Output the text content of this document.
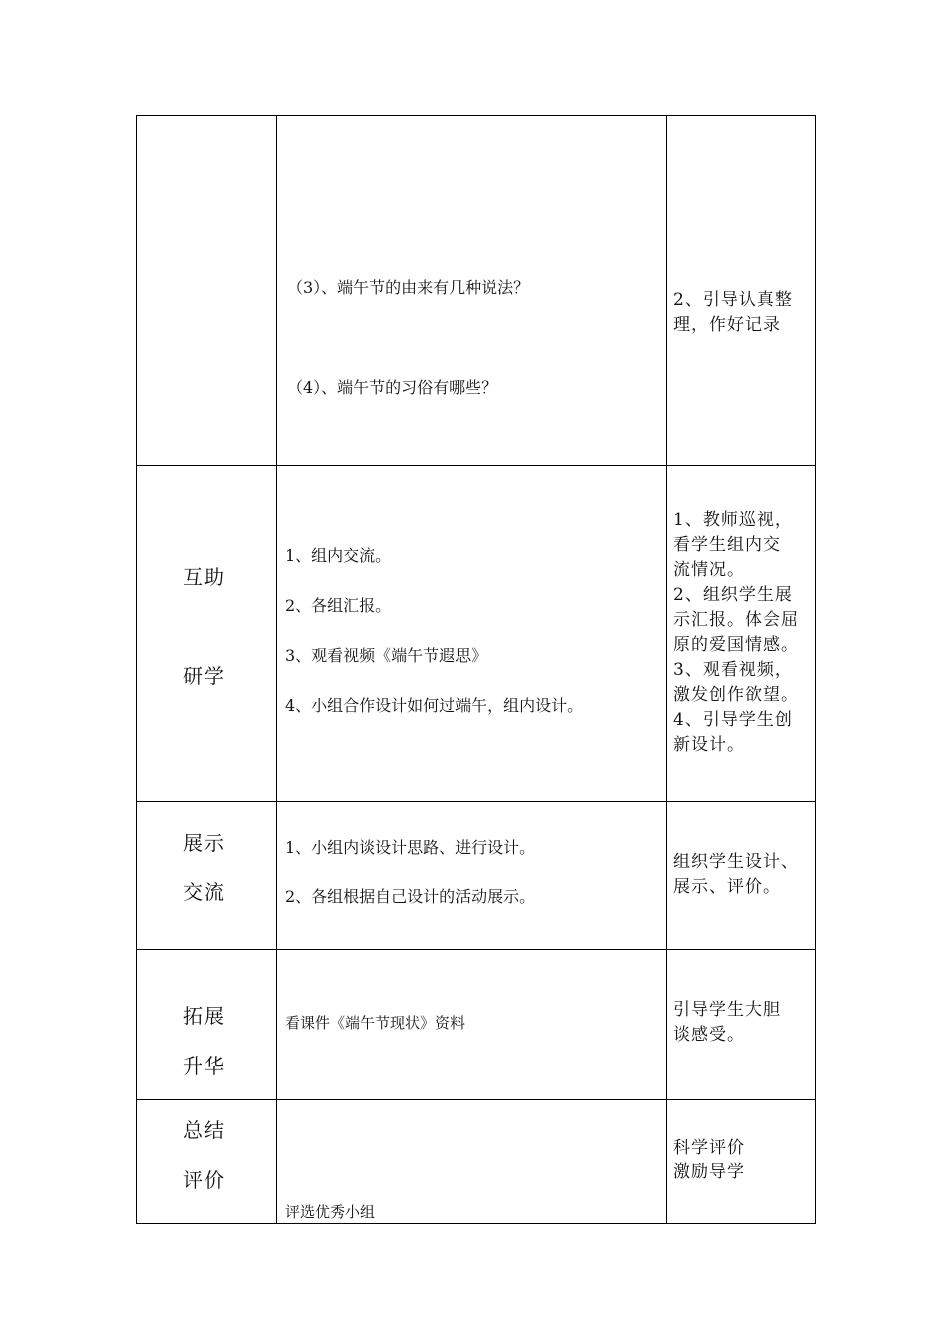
（3）、端午节的由来有几种说法？
（4）、端午节的习俗有哪些？
2、引导认真整
理，作好记录
互助
研学
1、组内交流。
2、各组汇报。
3、观看视频《端午节遐思》
4、小组合作设计如何过端午，组内设计。
1、教师巡视，
看学生组内交
流情况。
2、组织学生展
示汇报。体会屈
原的爱国情感。
3、观看视频，
激发创作欲望。
4、引导学生创
新设计。
展示
交流
1、小组内谈设计思路、进行设计。
2、各组根据自己设计的活动展示。
组织学生设计、
展示、评价。
拓展
升华
看课件《端午节现状》资料
引导学生大胆
谈感受。
总结
评价
评选优秀小组
科学评价
激励导学
